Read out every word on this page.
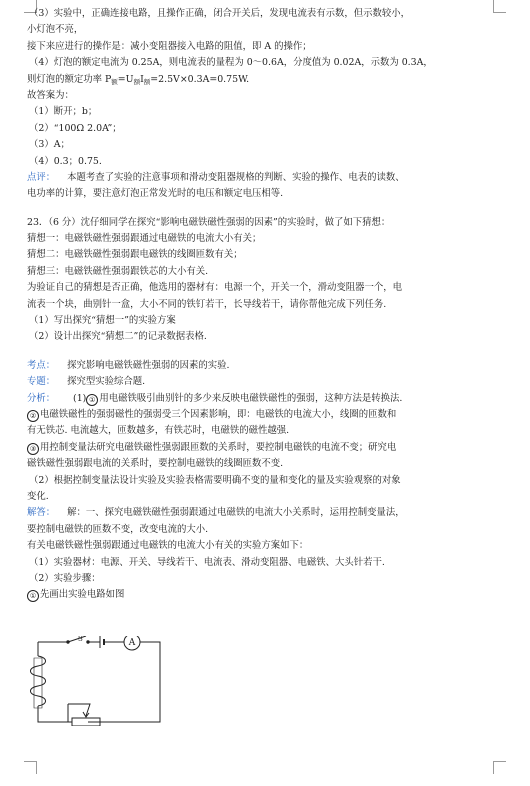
（3）实验中，正确连接电路，且操作正确，闭合开关后，发现电流表有示数，但示数较小，
小灯泡不亮，
接下来应进行的操作是：减小变阻器接入电路的阻值，即 A 的操作；
（4）灯泡的额定电流为 0.25A，则电流表的量程为 0～0.6A，分度值为 0.02A，示数为 0.3A，
则灯泡的额定功率 $P_额=U_额I_额=2.5V\times 0.3A=0.75W$.
故答案为：
（1）断开；b；
（2）“100Ω 2.0A”；
（3）A；
（4）0.3；0.75.
点评： 本题考查了实验的注意事项和滑动变阻器规格的判断、实验的操作、电表的读数、
电功率的计算，要注意灯泡正常发光时的电压和额定电压相等.
23．（6 分）沈仔细同学在探究“影响电磁铁磁性强弱的因素”的实验时，做了如下猜想：
猜想一：电磁铁磁性强弱跟通过电磁铁的电流大小有关；
猜想二：电磁铁磁性强弱跟电磁铁的线圈匝数有关；
猜想三：电磁铁磁性强弱跟铁芯的大小有关.
为验证自己的猜想是否正确，他选用的器材有：电源一个，开关一个，滑动变阻器一个，电
流表一个块，曲别针一盒，大小不同的铁钉若干，长导线若干，请你帮他完成下列任务.
（1）写出探究“猜想一”的实验方案
（2）设计出探究“猜想二”的记录数据表格.
考点： 探究影响电磁铁磁性强弱的因素的实验.
专题： 探究型实验综合题.
分析： (1) ① 用电磁铁吸引曲别针的多少来反映电磁铁磁性的强弱，这种方法是转换法.
② 电磁铁磁性的强弱磁性的强弱受三个因素影响，即：电磁铁的电流大小，线圈的匝数和
有无铁芯. 电流越大，匝数越多，有铁芯时，电磁铁的磁性越强.
③ 用控制变量法研究电磁铁磁性强弱跟匝数的关系时，要控制电磁铁的电流不变；研究电
磁铁磁性强弱跟电流的关系时，要控制电磁铁的线圈匝数不变.
（2）根据控制变量法设计实验及实验表格需要明确不变的量和变化的量及实验观察的对象
变化.
解答： 解：一、探究电磁铁磁性强弱跟通过电磁铁的电流大小关系时，运用控制变量法，
要控制电磁铁的匝数不变，改变电流的大小.
有关电磁铁磁性强弱跟通过电磁铁的电流大小有关的实验方案如下：
（1）实验器材：电源、开关、导线若干、电流表、滑动变阻器、电磁铁、大头针若干.
（2）实验步骤：
① 先画出实验电路如图
S	A
